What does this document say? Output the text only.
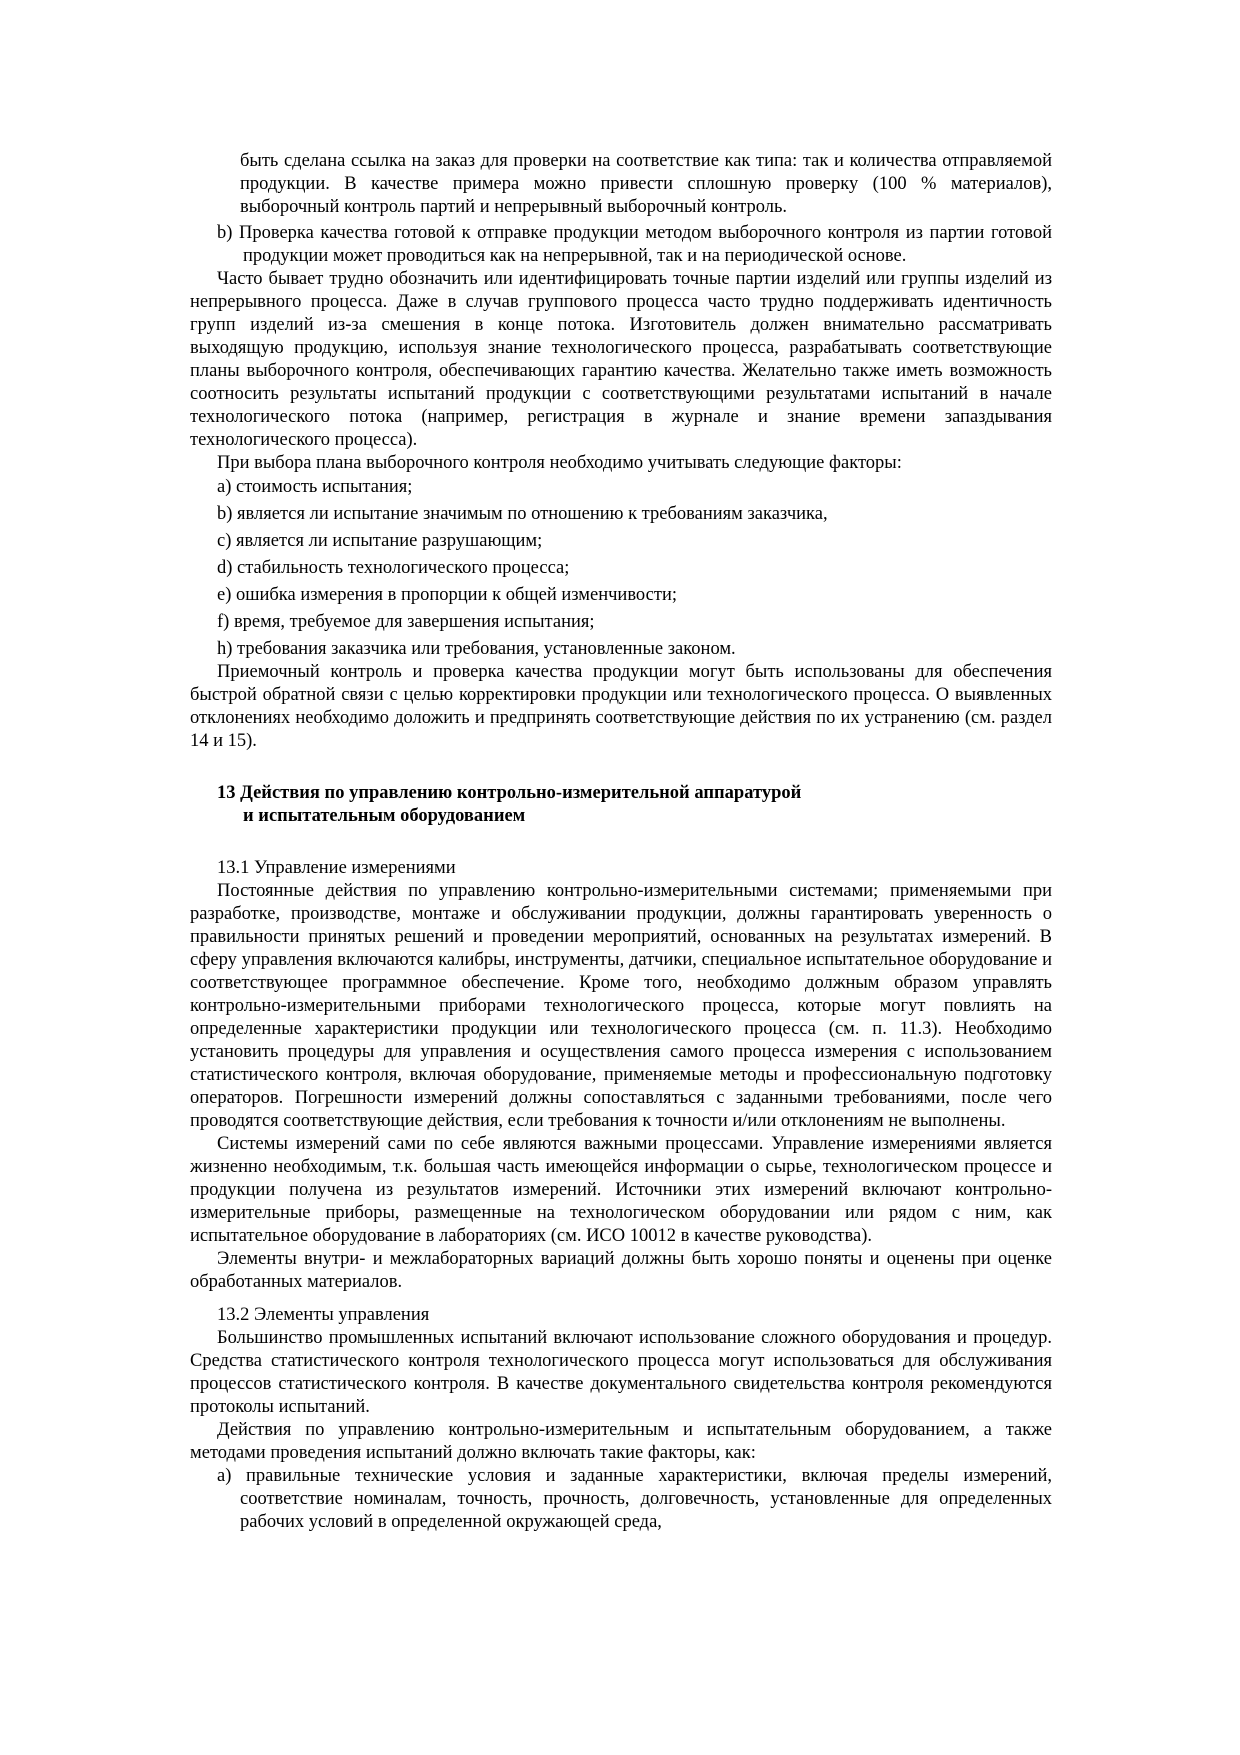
быть сделана ссылка на заказ для проверки на соответствие как типа: так и количества отправляемой продукции. В качестве примера можно привести сплошную проверку (100 % материалов), выборочный контроль партий и непрерывный выборочный контроль.

b) Проверка качества готовой к отправке продукции методом выборочного контроля из партии готовой продукции может проводиться как на непрерывной, так и на периодической основе.

Часто бывает трудно обозначить или идентифицировать точные партии изделий или группы изделий из непрерывного процесса. Даже в случав группового процесса часто трудно поддерживать идентичность групп изделий из-за смешения в конце потока. Изготовитель должен внимательно рассматривать выходящую продукцию, используя знание технологического процесса, разрабатывать соответствующие планы выборочного контроля, обеспечивающих гарантию качества. Желательно также иметь возможность соотносить результаты испытаний продукции с соответствующими результатами испытаний в начале технологического потока (например, регистрация в журнале и знание времени запаздывания технологического процесса).

При выбора плана выборочного контроля необходимо учитывать следующие факторы:

a) стоимость испытания;

b) является ли испытание значимым по отношению к требованиям заказчика,

c) является ли испытание разрушающим;

d) стабильность технологического процесса;

e) ошибка измерения в пропорции к общей изменчивости;

f) время, требуемое для завершения испытания;

h) требования заказчика или требования, установленные законом.

Приемочный контроль и проверка качества продукции могут быть использованы для обеспечения быстрой обратной связи с целью корректировки продукции или технологического процесса. О выявленных отклонениях необходимо доложить и предпринять соответствующие действия по их устранению (см. раздел 14 и 15).

13 Действия по управлению контрольно-измерительной аппаратурой и испытательным оборудованием

13.1 Управление измерениями

Постоянные действия по управлению контрольно-измерительными системами; применяемыми при разработке, производстве, монтаже и обслуживании продукции, должны гарантировать уверенность о правильности принятых решений и проведении мероприятий, основанных на результатах измерений. В сферу управления включаются калибры, инструменты, датчики, специальное испытательное оборудование и соответствующее программное обеспечение. Кроме того, необходимо должным образом управлять контрольно-измерительными приборами технологического процесса, которые могут повлиять на определенные характеристики продукции или технологического процесса (см. п. 11.3). Необходимо установить процедуры для управления и осуществления самого процесса измерения с использованием статистического контроля, включая оборудование, применяемые методы и профессиональную подготовку операторов. Погрешности измерений должны сопоставляться с заданными требованиями, после чего проводятся соответствующие действия, если требования к точности и/или отклонениям не выполнены.

Системы измерений сами по себе являются важными процессами. Управление измерениями является жизненно необходимым, т.к. большая часть имеющейся информации о сырье, технологическом процессе и продукции получена из результатов измерений. Источники этих измерений включают контрольно-измерительные приборы, размещенные на технологическом оборудовании или рядом с ним, как испытательное оборудование в лабораториях (см. ИСО 10012 в качестве руководства).

Элементы внутри- и межлабораторных вариаций должны быть хорошо поняты и оценены при оценке обработанных материалов.

13.2 Элементы управления

Большинство промышленных испытаний включают использование сложного оборудования и процедур. Средства статистического контроля технологического процесса могут использоваться для обслуживания процессов статистического контроля. В качестве документального свидетельства контроля рекомендуются протоколы испытаний.

Действия по управлению контрольно-измерительным и испытательным оборудованием, а также методами проведения испытаний должно включать такие факторы, как:

a) правильные технические условия и заданные характеристики, включая пределы измерений, соответствие номиналам, точность, прочность, долговечность, установленные для определенных рабочих условий в определенной окружающей среда,
